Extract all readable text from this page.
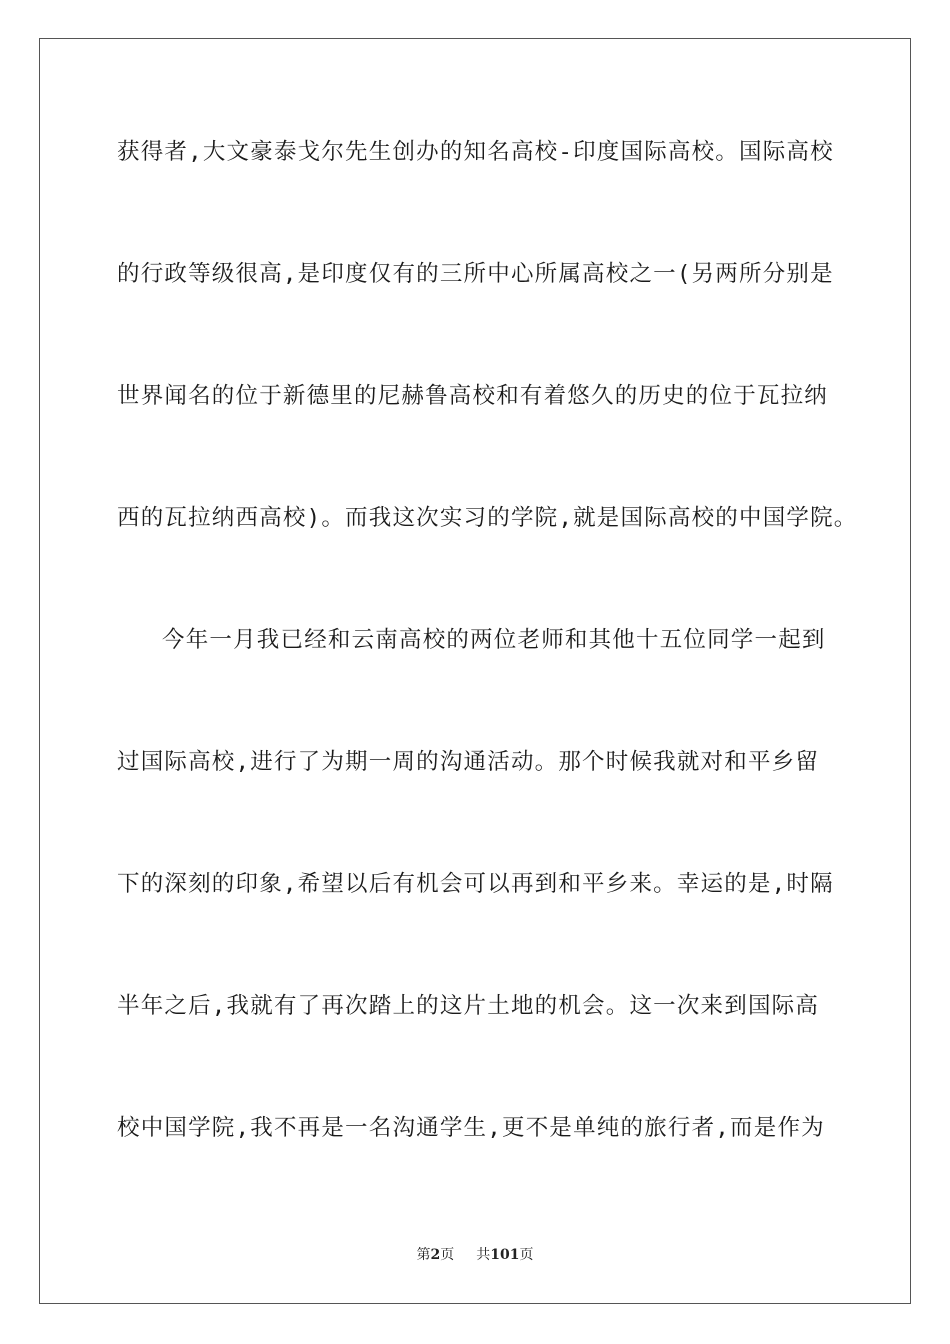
获得者,大文豪泰戈尔先生创办的知名高校-印度国际高校。国际高校
的行政等级很高,是印度仅有的三所中心所属高校之一(另两所分别是
世界闻名的位于新德里的尼赫鲁高校和有着悠久的历史的位于瓦拉纳
西的瓦拉纳西高校)。而我这次实习的学院,就是国际高校的中国学院。
今年一月我已经和云南高校的两位老师和其他十五位同学一起到
过国际高校,进行了为期一周的沟通活动。那个时候我就对和平乡留
下的深刻的印象,希望以后有机会可以再到和平乡来。幸运的是,时隔
半年之后,我就有了再次踏上的这片土地的机会。这一次来到国际高
校中国学院,我不再是一名沟通学生,更不是单纯的旅行者,而是作为
第2页 共101页
